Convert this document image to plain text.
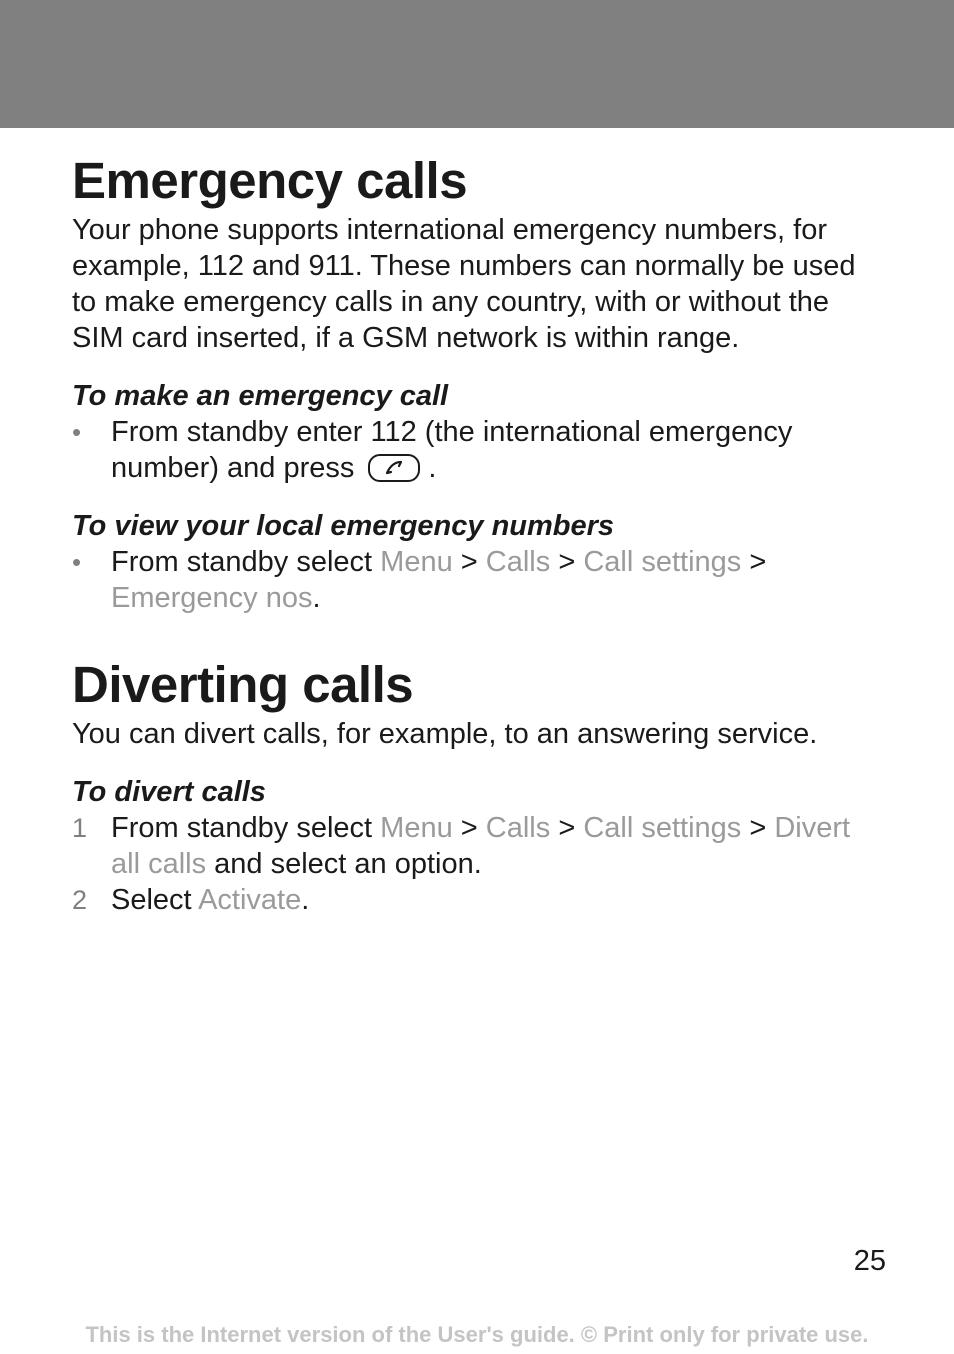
Emergency calls

Your phone supports international emergency numbers, for example, 112 and 911. These numbers can normally be used to make emergency calls in any country, with or without the SIM card inserted, if a GSM network is within range.

To make an emergency call
• From standby enter 112 (the international emergency number) and press	.
To view your local emergency numbers
• From standby select Menu > Calls > Call settings > Emergency nos.
Diverting calls

You can divert calls, for example, to an answering service.

To divert calls
1 From standby select Menu > Calls > Call settings > Divert all calls and select an option.
2 Select Activate.
25
This is the Internet version of the User's guide. © Print only for private use.
